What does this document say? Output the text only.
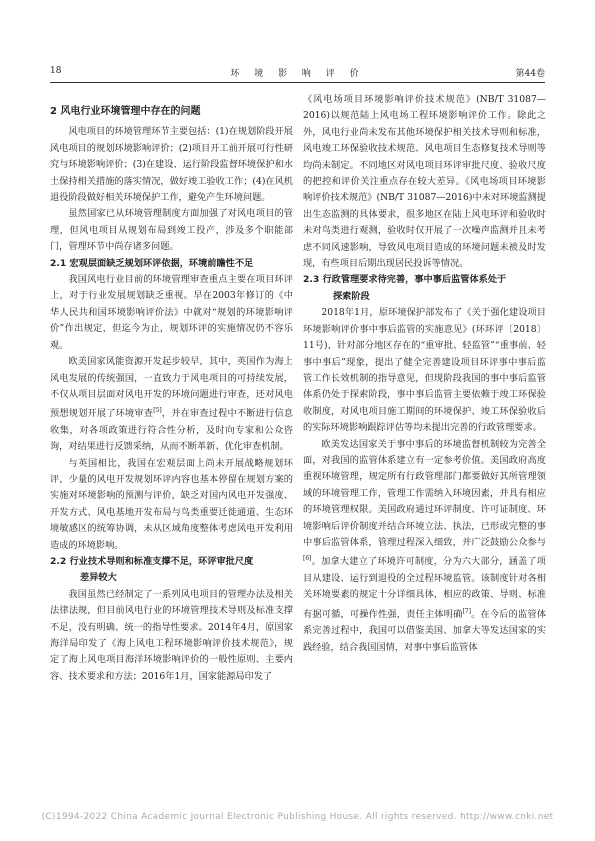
18	环 境 影 响 评 价	第44卷
2 风电行业环境管理中存在的问题

风电项目的环境管理环节主要包括：(1)在规划阶段开展风电项目的规划环境影响评价；(2)项目开工前开展可行性研究与环境影响评价；(3)在建设、运行阶段监督环境保护和水土保持相关措施的落实情况，做好竣工验收工作；(4)在风机退役阶段做好相关环境保护工作，避免产生环境问题。

虽然国家已从环境管理制度方面加强了对风电项目的管理，但风电项目从规划布局到竣工投产，涉及多个职能部门，管理环节中尚存诸多问题。

2.1 宏观层面缺乏规划环评依据，环境前瞻性不足

我国风电行业目前的环境管理审查重点主要在项目环评上，对于行业发展规划缺乏重视。早在2003年修订的《中华人民共和国环境影响评价法》中就对“规划的环境影响评价”作出规定，但迄今为止，规划环评的实施情况仍不容乐观。

欧美国家风能资源开发起步较早，其中，英国作为海上风电发展的传统强国，一直致力于风电项目的可持续发展，不仅从项目层面对风电开发的环境问题进行审查，还对风电预想规划开展了环境审查[5]，并在审查过程中不断进行信息收集，对各项政策进行符合性分析，及时向专家和公众咨询，对结果进行反馈采纳，从而不断革新、优化审查机制。

与英国相比，我国在宏观层面上尚未开展战略规划环评，少量的风电开发规划环评内容也基本停留在规划方案的实施对环境影响的预测与评价，缺乏对国内风电开发强度、开发方式、风电基地开发布局与鸟类重要迁徙通道、生态环境敏感区的统筹协调，未从区域角度整体考虑风电开发利用造成的环境影响。

2.2 行业技术导则和标准支撑不足，环评审批尺度
差异较大

我国虽然已经制定了一系列风电项目的管理办法及相关法律法规，但目前风电行业的环境管理技术导则及标准支撑不足，没有明确、统一的指导性要求。2014年4月，原国家海洋局印发了《海上风电工程环境影响评价技术规范》，规定了海上风电项目海洋环境影响评价的一般性原则、主要内容、技术要求和方法；2016年1月，国家能源局印发了

《风电场项目环境影响评价技术规范》(NB/T 31087—2016)以规范陆上风电场工程环境影响评价工作。除此之外，风电行业尚未发布其他环境保护相关技术导则和标准，风电竣工环保验收技术规范、风电项目生态修复技术导则等均尚未制定。不同地区对风电项目环评审批尺度、验收尺度的把控和评价关注重点存在较大差异。《风电场项目环境影响评价技术规范》(NB/T 31087—2016)中未对环境监测提出生态监测的具体要求，很多地区在陆上风电环评和验收时未对鸟类进行观测，验收时仅开展了一次噪声监测并且未考虑不同风速影响，导致风电项目造成的环境问题未被及时发现，有些项目后期出现居民投诉等情况。

2.3 行政管理要求待完善，事中事后监管体系处于
探索阶段

2018年1月，原环境保护部发布了《关于强化建设项目环境影响评价事中事后监管的实施意见》(环环评〔2018〕11号)，针对部分地区存在的“重审批、轻监管”“重事前、轻事中事后”现象，提出了健全完善建设项目环评事中事后监管工作长效机制的指导意见，但现阶段我国的事中事后监管体系仍处于探索阶段，事中事后监管主要依赖于竣工环保验收制度，对风电项目施工期间的环境保护、竣工环保验收后的实际环境影响跟踪评估等均未提出完善的行政管理要求。

欧美发达国家关于事中事后的环境监督机制较为完善全面，对我国的监管体系建立有一定参考价值。美国政府高度重视环境管理，规定所有行政管理部门都要做好其所管理领域的环境管理工作，管理工作需纳入环境因素，并具有相应的环境管理权限。美国政府通过环评制度、许可证制度、环境影响后评价制度并结合环境立法、执法，已形成完整的事中事后监管体系，管理过程深入细致，并广泛鼓励公众参与[6]。加拿大建立了环境许可制度，分为六大部分，涵盖了项目从建设、运行到退役的全过程环境监管。该制度针对各相关环境要素的规定十分详细具体，相应的政策、导则、标准有据可循，可操作性强，责任主体明确[7]。在今后的监管体系完善过程中，我国可以借鉴美国、加拿大等发达国家的实践经验，结合我国国情，对事中事后监管体

(C)1994-2022 China Academic Journal Electronic Publishing House. All rights reserved. http://www.cnki.net
